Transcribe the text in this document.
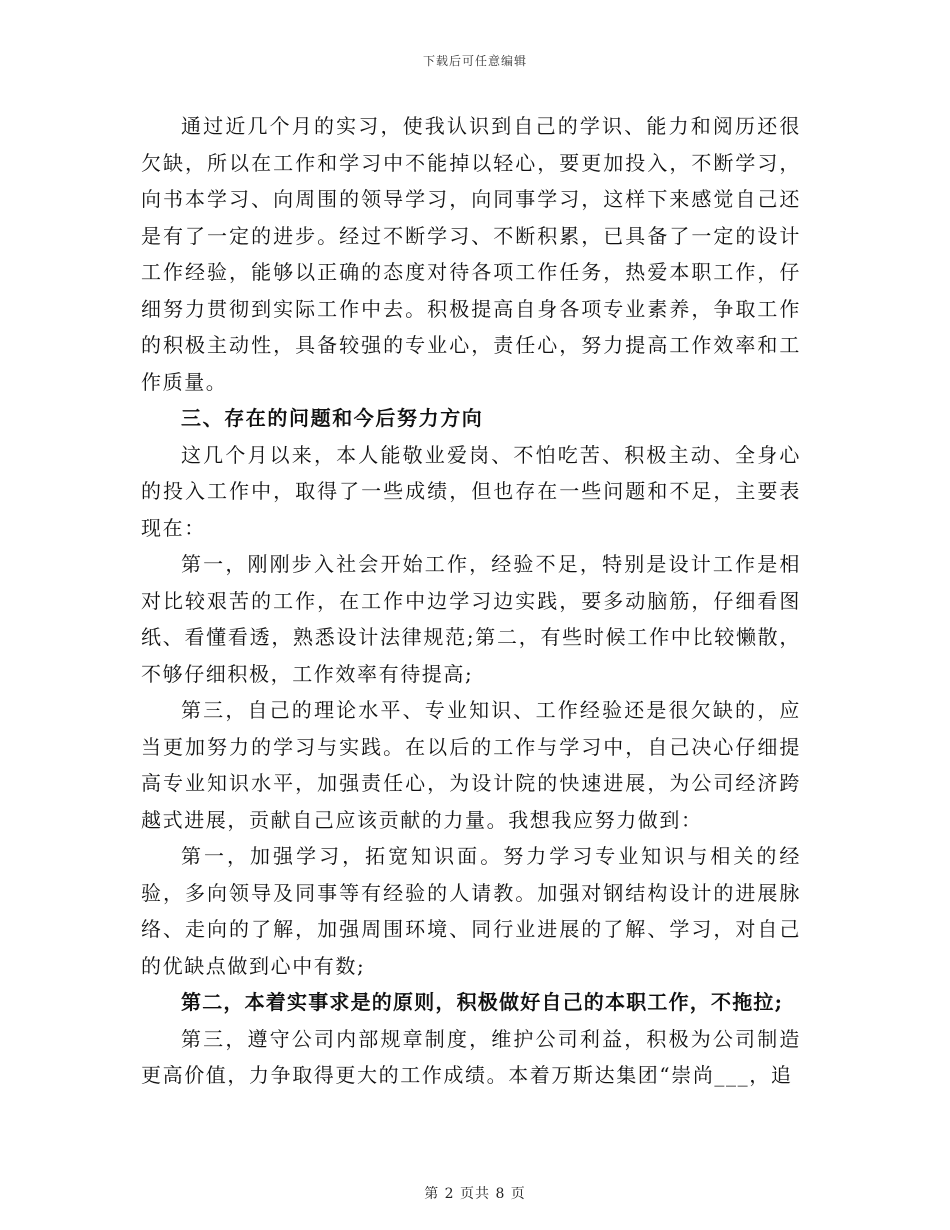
下载后可任意编辑

通过近几个月的实习，使我认识到自己的学识、能力和阅历还很欠缺，所以在工作和学习中不能掉以轻心，要更加投入，不断学习，向书本学习、向周围的领导学习，向同事学习，这样下来感觉自己还是有了一定的进步。经过不断学习、不断积累，已具备了一定的设计工作经验，能够以正确的态度对待各项工作任务，热爱本职工作，仔细努力贯彻到实际工作中去。积极提高自身各项专业素养，争取工作的积极主动性，具备较强的专业心，责任心，努力提高工作效率和工作质量。

三、存在的问题和今后努力方向

这几个月以来，本人能敬业爱岗、不怕吃苦、积极主动、全身心的投入工作中，取得了一些成绩，但也存在一些问题和不足，主要表现在：

第一，刚刚步入社会开始工作，经验不足，特别是设计工作是相对比较艰苦的工作，在工作中边学习边实践，要多动脑筋，仔细看图纸、看懂看透，熟悉设计法律规范;第二，有些时候工作中比较懒散，不够仔细积极，工作效率有待提高;

第三，自己的理论水平、专业知识、工作经验还是很欠缺的，应当更加努力的学习与实践。在以后的工作与学习中，自己决心仔细提高专业知识水平，加强责任心，为设计院的快速进展，为公司经济跨越式进展，贡献自己应该贡献的力量。我想我应努力做到：

第一，加强学习，拓宽知识面。努力学习专业知识与相关的经验，多向领导及同事等有经验的人请教。加强对钢结构设计的进展脉络、走向的了解，加强周围环境、同行业进展的了解、学习，对自己的优缺点做到心中有数;

第二，本着实事求是的原则，积极做好自己的本职工作，不拖拉;

第三，遵守公司内部规章制度，维护公司利益，积极为公司制造更高价值，力争取得更大的工作成绩。本着万斯达集团“崇尚___，追

第 2 页共 8 页
